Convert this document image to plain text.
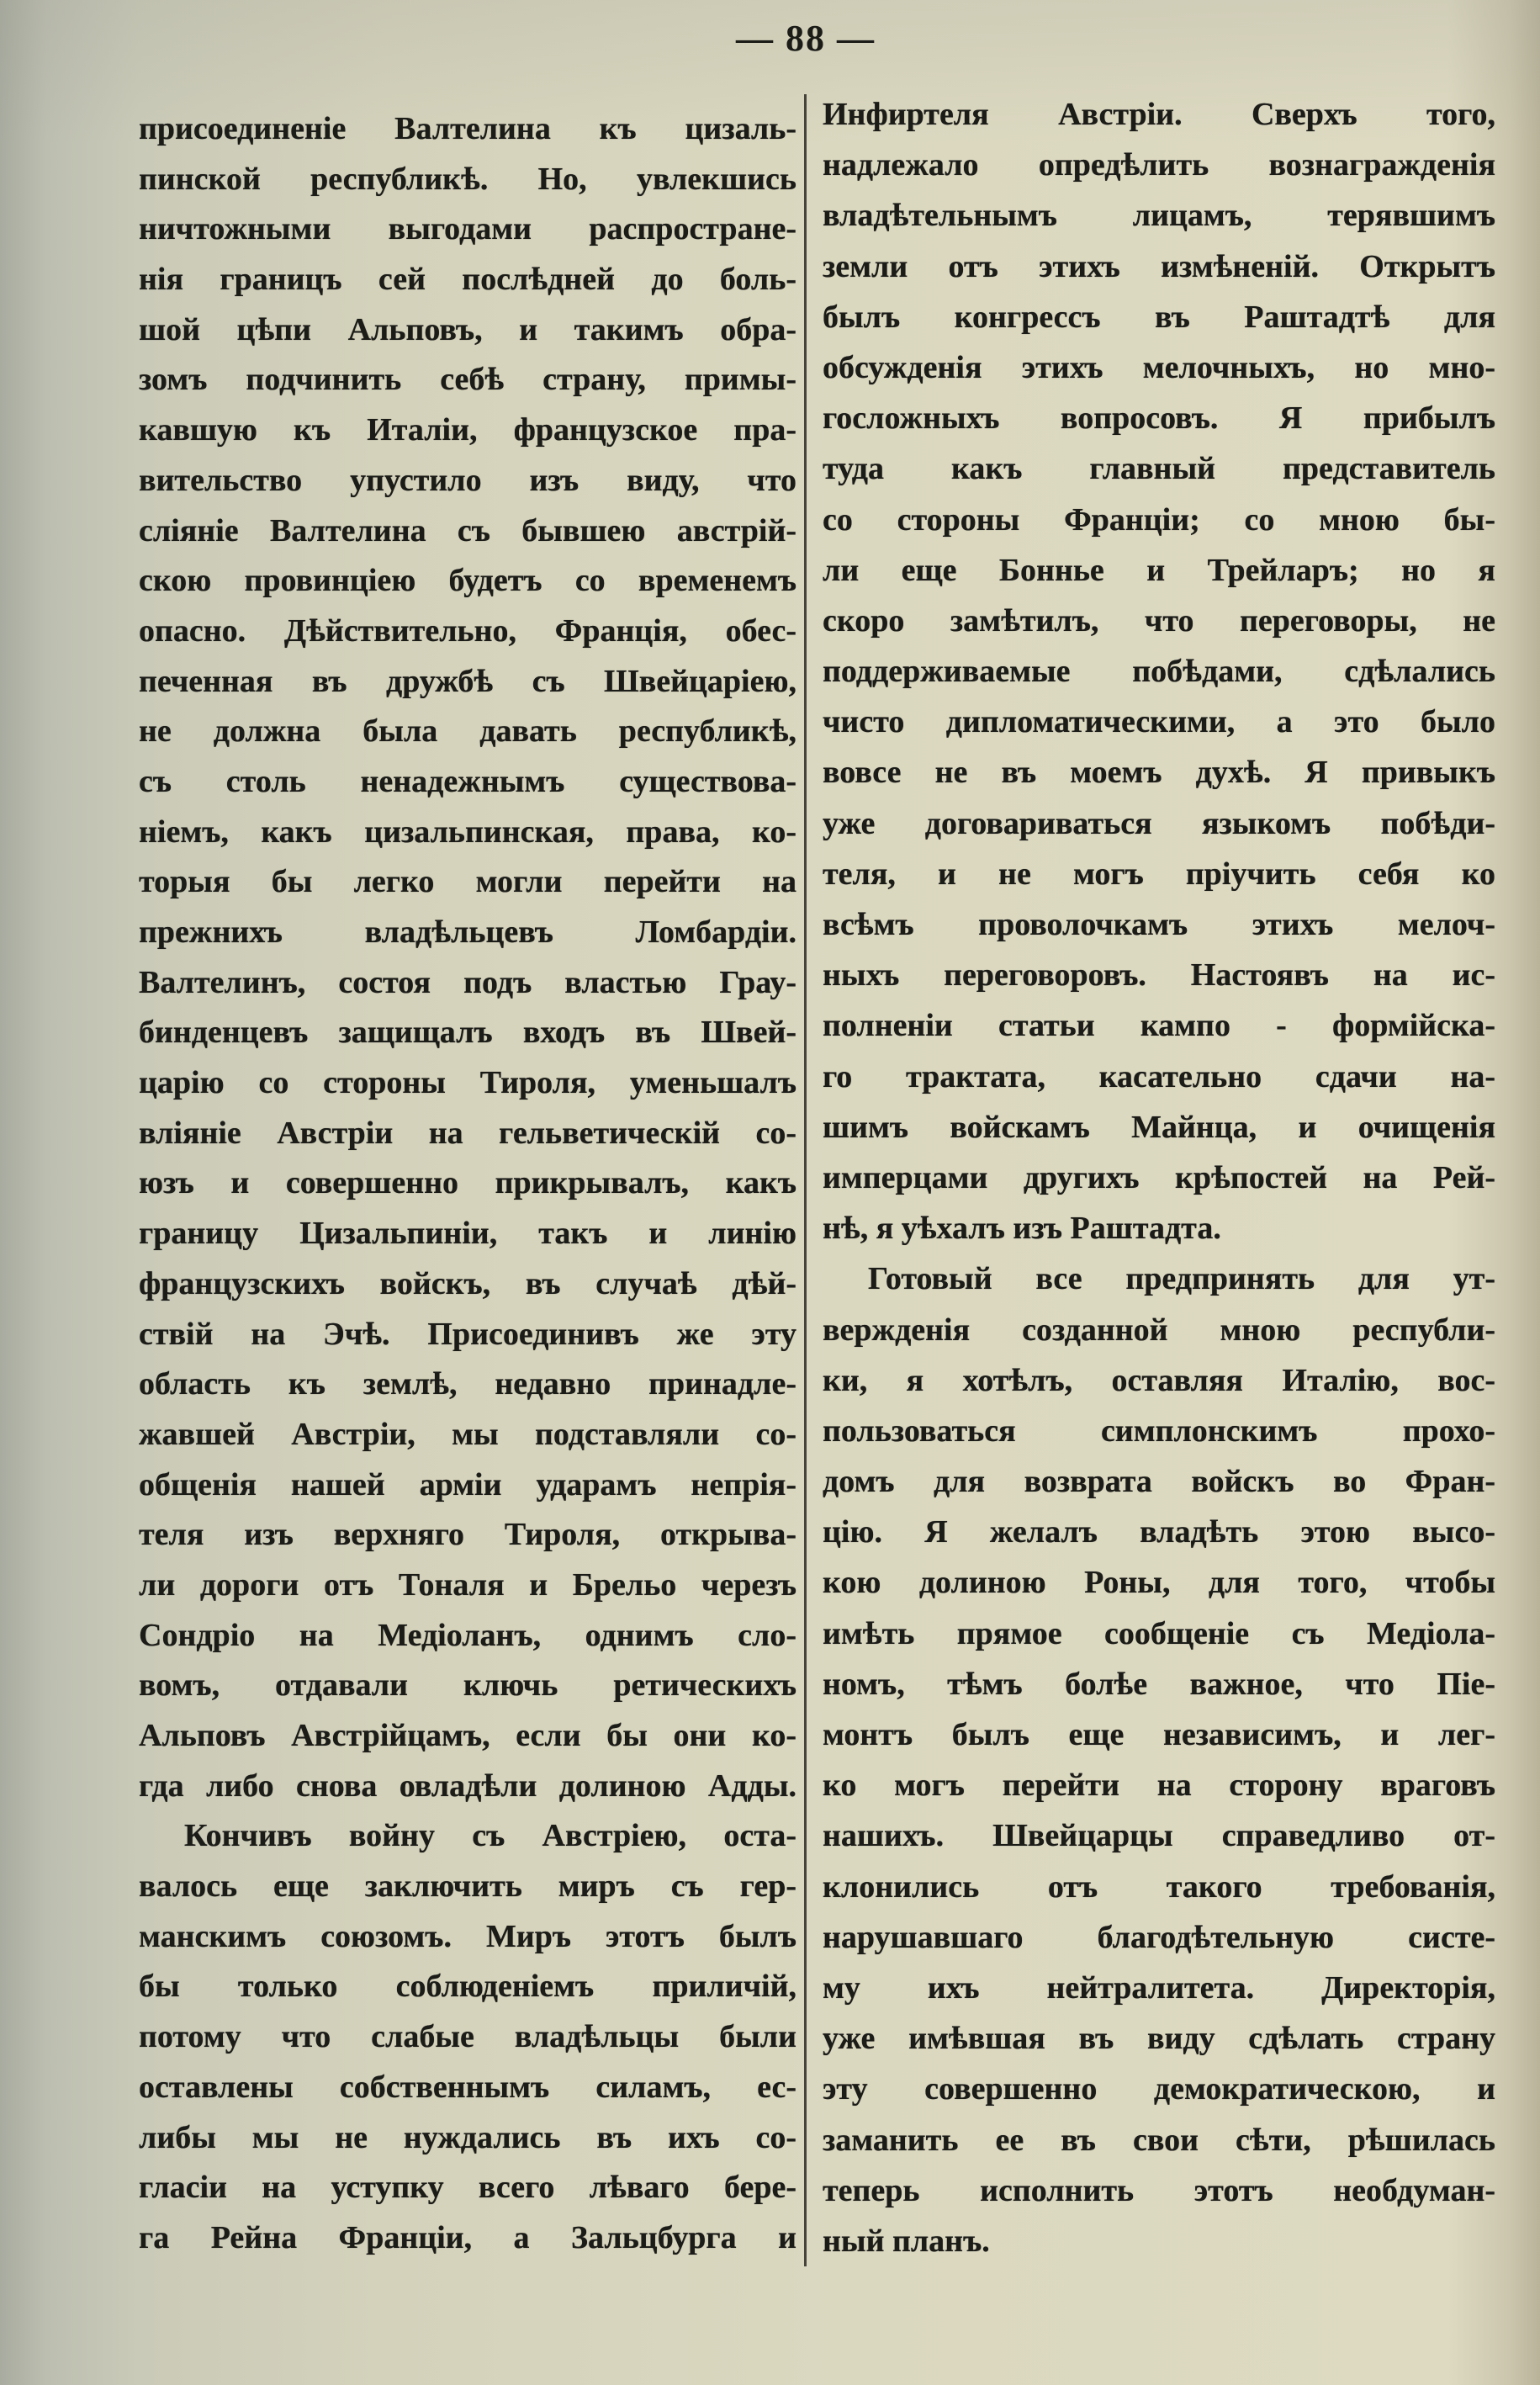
— 88 —
присоединеніе Валтелина къ цизаль-
пинской республикѣ. Но, увлекшись
ничтожными выгодами распростране-
нія границъ сей послѣдней до боль-
шой цѣпи Альповъ, и такимъ обра-
зомъ подчинить себѣ страну, примы-
кавшую къ Италіи, французское пра-
вительство упустило изъ виду, что
сліяніе Валтелина съ бывшею австрій-
скою провинціею будетъ со временемъ
опасно. Дѣйствительно, Франція, обес-
печенная въ дружбѣ съ Швейцаріею,
не должна была давать республикѣ,
съ столь ненадежнымъ существова-
ніемъ, какъ цизальпинская, права, ко-
торыя бы легко могли перейти на
прежнихъ владѣльцевъ Ломбардіи.
Валтелинъ, состоя подъ властью Грау-
бинденцевъ защищалъ входъ въ Швей-
царію со стороны Тироля, уменьшалъ
вліяніе Австріи на гельветическій со-
юзъ и совершенно прикрывалъ, какъ
границу Цизальпиніи, такъ и линію
французскихъ войскъ, въ случаѣ дѣй-
ствій на Эчѣ. Присоединивъ же эту
область къ землѣ, недавно принадле-
жавшей Австріи, мы подставляли со-
общенія нашей арміи ударамъ непрія-
теля изъ верхняго Тироля, открыва-
ли дороги отъ Тоналя и Брельо черезъ
Сондріо на Медіоланъ, однимъ сло-
вомъ, отдавали ключь ретическихъ
Альповъ Австрійцамъ, если бы они ко-
гда либо снова овладѣли долиною Адды.
Кончивъ войну съ Австріею, оста-
валось еще заключить миръ съ гер-
манскимъ союзомъ. Миръ этотъ былъ
бы только соблюденіемъ приличій,
потому что слабые владѣльцы были
оставлены собственнымъ силамъ, ес-
либы мы не нуждались въ ихъ со-
гласіи на уступку всего лѣваго бере-
га Рейна Франціи, а Зальцбурга и
Инфиртеля Австріи. Сверхъ того,
надлежало опредѣлить вознагражденія
владѣтельнымъ лицамъ, терявшимъ
земли отъ этихъ измѣненій. Открытъ
былъ конгрессъ въ Раштадтѣ для
обсужденія этихъ мелочныхъ, но мно-
госложныхъ вопросовъ. Я прибылъ
туда какъ главный представитель
со стороны Франціи; со мною бы-
ли еще Боннье и Трейларъ; но я
скоро замѣтилъ, что переговоры, не
поддерживаемые побѣдами, сдѣлались
чисто дипломатическими, а это было
вовсе не въ моемъ духѣ. Я привыкъ
уже договариваться языкомъ побѣди-
теля, и не могъ пріучить себя ко
всѣмъ проволочкамъ этихъ мелоч-
ныхъ переговоровъ. Настоявъ на ис-
полненіи статьи кампо - формійска-
го трактата, касательно сдачи на-
шимъ войскамъ Майнца, и очищенія
имперцами другихъ крѣпостей на Рей-
нѣ, я уѣхалъ изъ Раштадта.
Готовый все предпринять для ут-
вержденія созданной мною республи-
ки, я хотѣлъ, оставляя Италію, вос-
пользоваться симплонскимъ прохо-
домъ для возврата войскъ во Фран-
цію. Я желалъ владѣть этою высо-
кою долиною Роны, для того, чтобы
имѣть прямое сообщеніе съ Медіола-
номъ, тѣмъ болѣе важное, что Піе-
монтъ былъ еще независимъ, и лег-
ко могъ перейти на сторону враговъ
нашихъ. Швейцарцы справедливо от-
клонились отъ такого требованія,
нарушавшаго благодѣтельную систе-
му ихъ нейтралитета. Директорія,
уже имѣвшая въ виду сдѣлать страну
эту совершенно демократическою, и
заманить ее въ свои сѣти, рѣшилась
теперь исполнить этотъ необдуман-
ный планъ.
